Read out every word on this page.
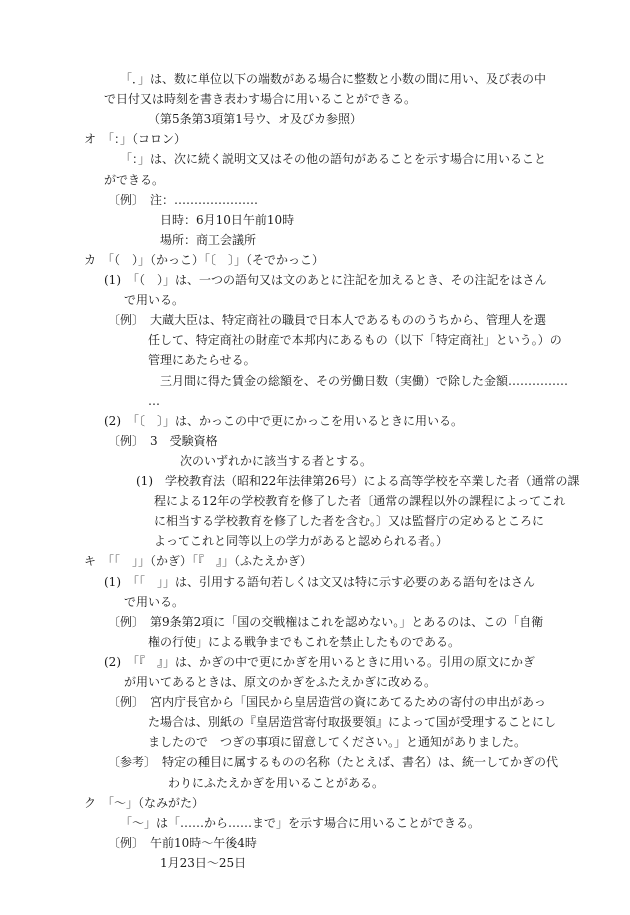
「．」は、数に単位以下の端数がある場合に整数と小数の間に用い、及び表の中
で日付又は時刻を書き表わす場合に用いることができる。
（第5条第3項第1号ウ、オ及びカ参照）
オ　「：」（コロン）
「：」は、次に続く説明文又はその他の語句があることを示す場合に用いること
ができる。
〔例〕　注：…………………
日時：6月10日午前10時
場所：商工会議所
カ　「（　）」（かっこ）「〔　〕」（そでかっこ）
(1)　「（　）」は、一つの語句又は文のあとに注記を加えるとき、その注記をはさん
で用いる。
〔例〕　大蔵大臣は、特定商社の職員で日本人であるもののうちから、管理人を選
任して、特定商社の財産で本邦内にあるもの（以下「特定商社」という。）の
管理にあたらせる。
三月間に得た賃金の総額を、その労働日数（実働）で除した金額……………
…
(2)　「〔　〕」は、かっこの中で更にかっこを用いるときに用いる。
〔例〕　3　受験資格
次のいずれかに該当する者とする。
(1)　学校教育法（昭和22年法律第26号）による高等学校を卒業した者（通常の課
程による12年の学校教育を修了した者〔通常の課程以外の課程によってこれ
に相当する学校教育を修了した者を含む。〕又は監督庁の定めるところに
よってこれと同等以上の学力があると認められる者。）
キ　「「　」」（かぎ）「『　』」（ふたえかぎ）
(1)　「「　」」は、引用する語句若しくは文又は特に示す必要のある語句をはさん
で用いる。
〔例〕　第9条第2項に「国の交戦権はこれを認めない。」とあるのは、この「自衛
権の行使」による戦争までもこれを禁止したものである。
(2)　「『　』」は、かぎの中で更にかぎを用いるときに用いる。引用の原文にかぎ
が用いてあるときは、原文のかぎをふたえかぎに改める。
〔例〕　宮内庁長官から「国民から皇居造営の資にあてるための寄付の申出があっ
た場合は、別紙の『皇居造営寄付取扱要領』によって国が受理することにし
ましたので　つぎの事項に留意してください。」と通知がありました。
〔参考〕　特定の種目に属するものの名称（たとえば、書名）は、統一してかぎの代
わりにふたえかぎを用いることがある。
ク　「～」（なみがた）
「～」は「……から……まで」を示す場合に用いることができる。
〔例〕　午前10時～午後4時
1月23日～25日
